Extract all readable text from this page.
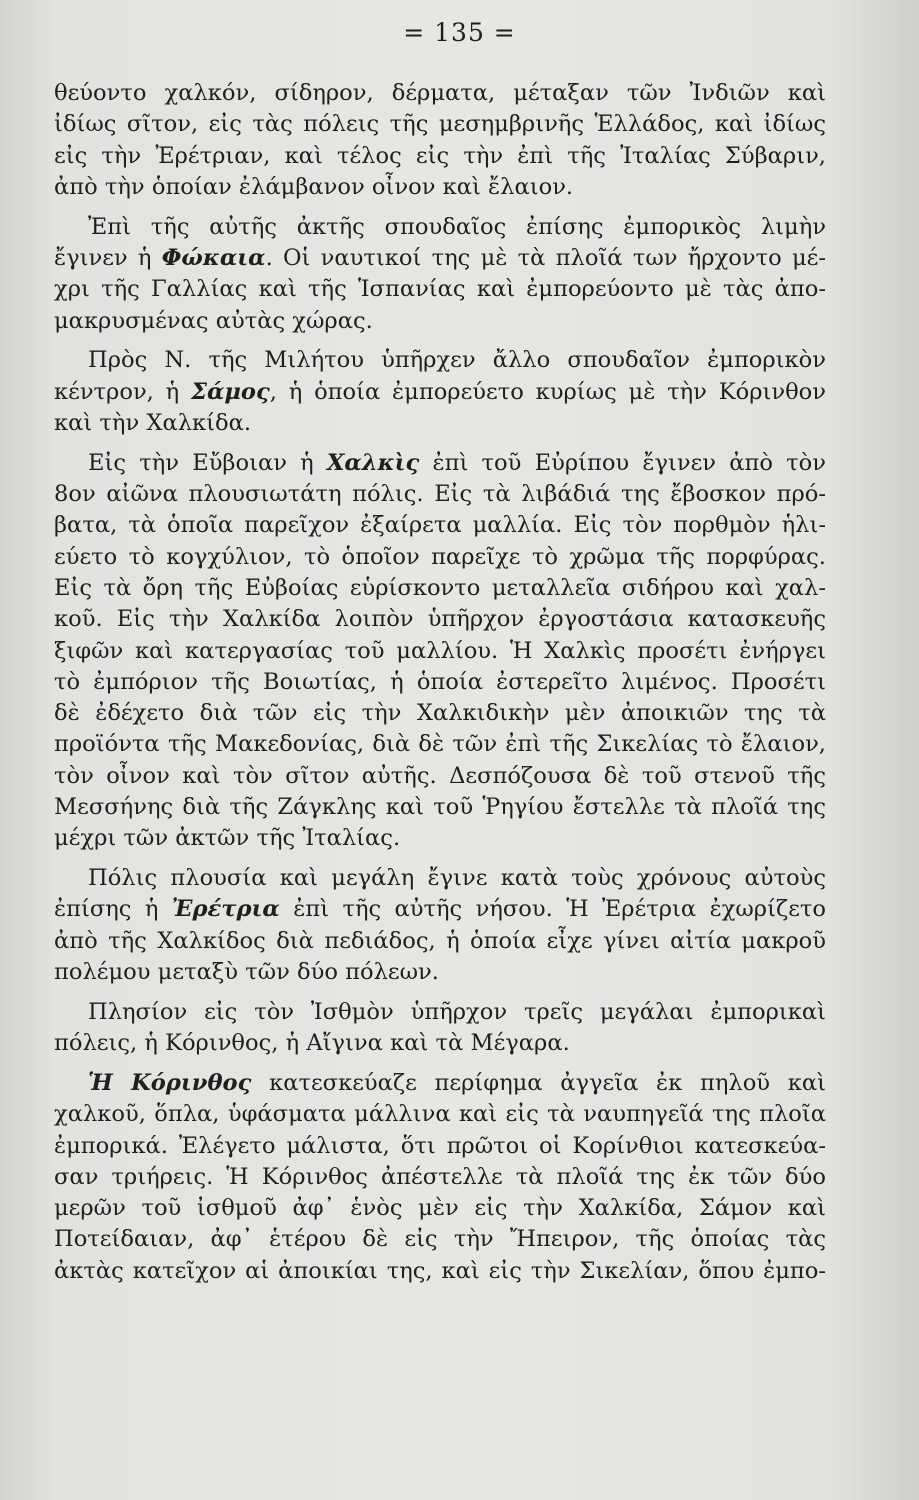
= 135 =
θεύοντο χαλκόν, σίδηρον, δέρματα, μέταξαν τῶν Ἰνδιῶν καὶ
ἰδίως σῖτον, εἰς τὰς πόλεις τῆς μεσημβρινῆς Ἑλλάδος, καὶ ἰδίως
εἰς τὴν Ἐρέτριαν, καὶ τέλος εἰς τὴν ἐπὶ τῆς Ἰταλίας Σύβαριν,
ἀπὸ τὴν ὁποίαν ἐλάμβανον οἶνον καὶ ἔλαιον.
Ἐπὶ τῆς αὐτῆς ἀκτῆς σπουδαῖος ἐπίσης ἐμπορικὸς λιμὴν
ἔγινεν ἡ Φώκαια. Οἱ ναυτικοί της μὲ τὰ πλοῖά των ἤρχοντο μέ-
χρι τῆς Γαλλίας καὶ τῆς Ἱσπανίας καὶ ἐμπορεύοντο μὲ τὰς ἀπο-
μακρυσμένας αὐτὰς χώρας.
Πρὸς Ν. τῆς Μιλήτου ὑπῆρχεν ἄλλο σπουδαῖον ἐμπορικὸν
κέντρον, ἡ Σάμος, ἡ ὁποία ἐμπορεύετο κυρίως μὲ τὴν Κόρινθον
καὶ τὴν Χαλκίδα.
Εἰς τὴν Εὔβοιαν ἡ Χαλκὶς ἐπὶ τοῦ Εὐρίπου ἔγινεν ἀπὸ τὸν
8ον αἰῶνα πλουσιωτάτη πόλις. Εἰς τὰ λιβάδιά της ἔβοσκον πρό-
βατα, τὰ ὁποῖα παρεῖχον ἐξαίρετα μαλλία. Εἰς τὸν πορθμὸν ἡλι-
εύετο τὸ κογχύλιον, τὸ ὁποῖον παρεῖχε τὸ χρῶμα τῆς πορφύρας.
Εἰς τὰ ὄρη τῆς Εὐβοίας εὑρίσκοντο μεταλλεῖα σιδήρου καὶ χαλ-
κοῦ. Εἰς τὴν Χαλκίδα λοιπὸν ὑπῆρχον ἐργοστάσια κατασκευῆς
ξιφῶν καὶ κατεργασίας τοῦ μαλλίου. Ἡ Χαλκὶς προσέτι ἐνήργει
τὸ ἐμπόριον τῆς Βοιωτίας, ἡ ὁποία ἐστερεῖτο λιμένος. Προσέτι
δὲ ἐδέχετο διὰ τῶν εἰς τὴν Χαλκιδικὴν μὲν ἀποικιῶν της τὰ
προϊόντα τῆς Μακεδονίας, διὰ δὲ τῶν ἐπὶ τῆς Σικελίας τὸ ἔλαιον,
τὸν οἶνον καὶ τὸν σῖτον αὐτῆς. Δεσπόζουσα δὲ τοῦ στενοῦ τῆς
Μεσσήνης διὰ τῆς Ζάγκλης καὶ τοῦ Ῥηγίου ἔστελλε τὰ πλοῖά της
μέχρι τῶν ἀκτῶν τῆς Ἰταλίας.
Πόλις πλουσία καὶ μεγάλη ἔγινε κατὰ τοὺς χρόνους αὐτοὺς
ἐπίσης ἡ Ἐρέτρια ἐπὶ τῆς αὐτῆς νήσου. Ἡ Ἐρέτρια ἐχωρίζετο
ἀπὸ τῆς Χαλκίδος διὰ πεδιάδος, ἡ ὁποία εἶχε γίνει αἰτία μακροῦ
πολέμου μεταξὺ τῶν δύο πόλεων.
Πλησίον εἰς τὸν Ἰσθμὸν ὑπῆρχον τρεῖς μεγάλαι ἐμπορικαὶ
πόλεις, ἡ Κόρινθος, ἡ Αἴγινα καὶ τὰ Μέγαρα.
Ἡ Κόρινθος κατεσκεύαζε περίφημα ἀγγεῖα ἐκ πηλοῦ καὶ
χαλκοῦ, ὅπλα, ὑφάσματα μάλλινα καὶ εἰς τὰ ναυπηγεῖά της πλοῖα
ἐμπορικά. Ἐλέγετο μάλιστα, ὅτι πρῶτοι οἱ Κορίνθιοι κατεσκεύα-
σαν τριήρεις. Ἡ Κόρινθος ἀπέστελλε τὰ πλοῖά της ἐκ τῶν δύο
μερῶν τοῦ ἰσθμοῦ ἀφ᾽ ἑνὸς μὲν εἰς τὴν Χαλκίδα, Σάμον καὶ
Ποτείδαιαν, ἀφ᾽ ἑτέρου δὲ εἰς τὴν Ἤπειρον, τῆς ὁποίας τὰς
ἀκτὰς κατεῖχον αἱ ἀποικίαι της, καὶ εἰς τὴν Σικελίαν, ὅπου ἐμπο-
